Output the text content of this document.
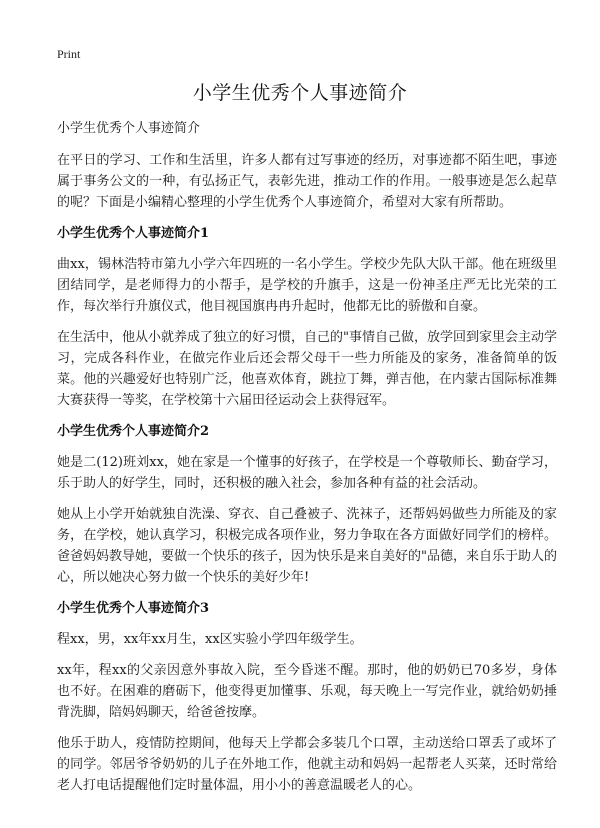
Print
小学生优秀个人事迹简介

小学生优秀个人事迹简介

在平日的学习、工作和生活里，许多人都有过写事迹的经历，对事迹都不陌生吧，事迹属于事务公文的一种，有弘扬正气，表彰先进，推动工作的作用。一般事迹是怎么起草的呢？下面是小编精心整理的小学生优秀个人事迹简介，希望对大家有所帮助。

小学生优秀个人事迹简介1

曲xx，锡林浩特市第九小学六年四班的一名小学生。学校少先队大队干部。他在班级里团结同学，是老师得力的小帮手，是学校的升旗手，这是一份神圣庄严无比光荣的工作，每次举行升旗仪式，他目视国旗冉冉升起时，他都无比的骄傲和自豪。

在生活中，他从小就养成了独立的好习惯，自己的"事情自己做，放学回到家里会主动学习，完成各科作业，在做完作业后还会帮父母干一些力所能及的家务，准备简单的饭菜。他的兴趣爱好也特别广泛，他喜欢体育，跳拉丁舞，弹吉他，在内蒙古国际标准舞大赛获得一等奖，在学校第十六届田径运动会上获得冠军。

小学生优秀个人事迹简介2

她是二(12)班刘xx，她在家是一个懂事的好孩子，在学校是一个尊敬师长、勤奋学习，乐于助人的好学生，同时，还积极的融入社会，参加各种有益的社会活动。

她从上小学开始就独自洗澡、穿衣、自己叠被子、洗袜子，还帮妈妈做些力所能及的家务，在学校，她认真学习，积极完成各项作业，努力争取在各方面做好同学们的榜样。爸爸妈妈教导她，要做一个快乐的孩子，因为快乐是来自美好的"品德，来自乐于助人的心，所以她决心努力做一个快乐的美好少年!

小学生优秀个人事迹简介3

程xx，男，xx年xx月生，xx区实验小学四年级学生。

xx年，程xx的父亲因意外事故入院，至今昏迷不醒。那时，他的奶奶已70多岁，身体也不好。在困难的磨砺下，他变得更加懂事、乐观，每天晚上一写完作业，就给奶奶捶背洗脚，陪妈妈聊天，给爸爸按摩。

他乐于助人，疫情防控期间，他每天上学都会多装几个口罩，主动送给口罩丢了或坏了的同学。邻居爷爷奶奶的儿子在外地工作，他就主动和妈妈一起帮老人买菜，还时常给老人打电话提醒他们定时量体温，用小小的善意温暖老人的心。
